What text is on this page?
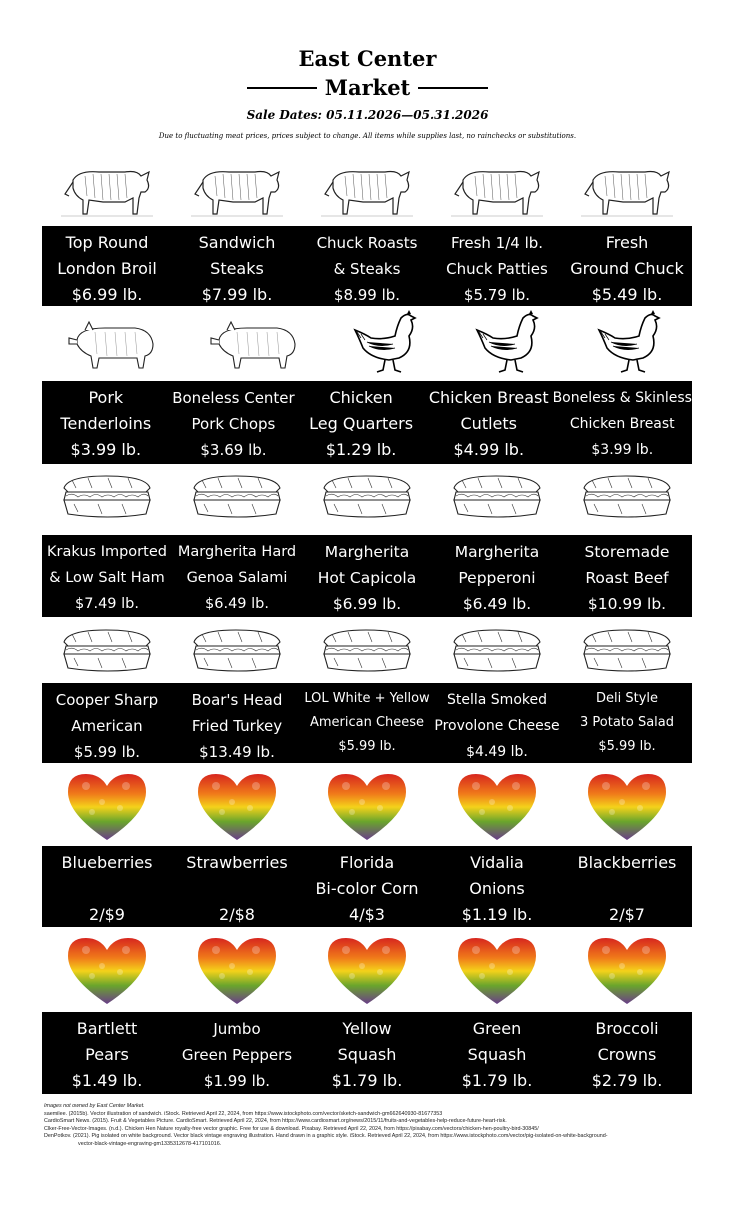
East Center
Market
Sale Dates: 05.11.2026—05.31.2026
Due to fluctuating meat prices, prices subject to change. All items while supplies last, no rainchecks or substitutions.
Top Round
London Broil
$6.99 lb.
Sandwich
Steaks
$7.99 lb.
Chuck Roasts
& Steaks
$8.99 lb.
Fresh 1/4 lb.
Chuck Patties
$5.79 lb.
Fresh
Ground Chuck
$5.49 lb.
Pork
Tenderloins
$3.99 lb.
Boneless Center
Pork Chops
$3.69 lb.
Chicken
Leg Quarters
$1.29 lb.
Chicken Breast
Cutlets
$4.99 lb.
Boneless & Skinless
Chicken Breast
$3.99 lb.
Krakus Imported
& Low Salt Ham
$7.49 lb.
Margherita Hard
Genoa Salami
$6.49 lb.
Margherita
Hot Capicola
$6.99 lb.
Margherita
Pepperoni
$6.49 lb.
Storemade
Roast Beef
$10.99 lb.
Cooper Sharp
American
$5.99 lb.
Boar's Head
Fried Turkey
$13.49 lb.
LOL White + Yellow
American Cheese
$5.99 lb.
Stella Smoked
Provolone Cheese
$4.49 lb.
Deli Style
3 Potato Salad
$5.99 lb.
Blueberries

2/$9
Strawberries

2/$8
Florida
Bi-color Corn
4/$3
Vidalia
Onions
$1.19 lb.
Blackberries

2/$7
Bartlett
Pears
$1.49 lb.
Jumbo
Green Peppers
$1.99 lb.
Yellow
Squash
$1.79 lb.
Green
Squash
$1.79 lb.
Broccoli
Crowns
$2.79 lb.
Images not owned by East Center Market.
saemilee. (2015b). Vector illustration of sandwich. iStock. Retrieved April 22, 2024, from https://www.istockphoto.com/vector/sketch-sandwich-gm662640930-81677353
CardioSmart News. (2015). Fruit & Vegetables Picture. CardioSmart. Retrieved April 22, 2024, from https://www.cardiosmart.org/news/2015/11/fruits-and-vegetables-help-reduce-future-heart-risk.
Clker-Free-Vector-Images. (n.d.). Chicken Hen Nature royalty-free vector graphic. Free for use & download. Pixabay. Retrieved April 22, 2024, from https://pixabay.com/vectors/chicken-hen-poultry-bird-30845/
DenPotkov. (2021). Pig isolated on white background. Vector black vintage engraving illustration. Hand drawn in a graphic style. iStock. Retrieved April 22, 2024, from https://www.istockphoto.com/vector/pig-isolated-on-white-background-
vector-black-vintage-engraving-gm1335312678-417101016.
